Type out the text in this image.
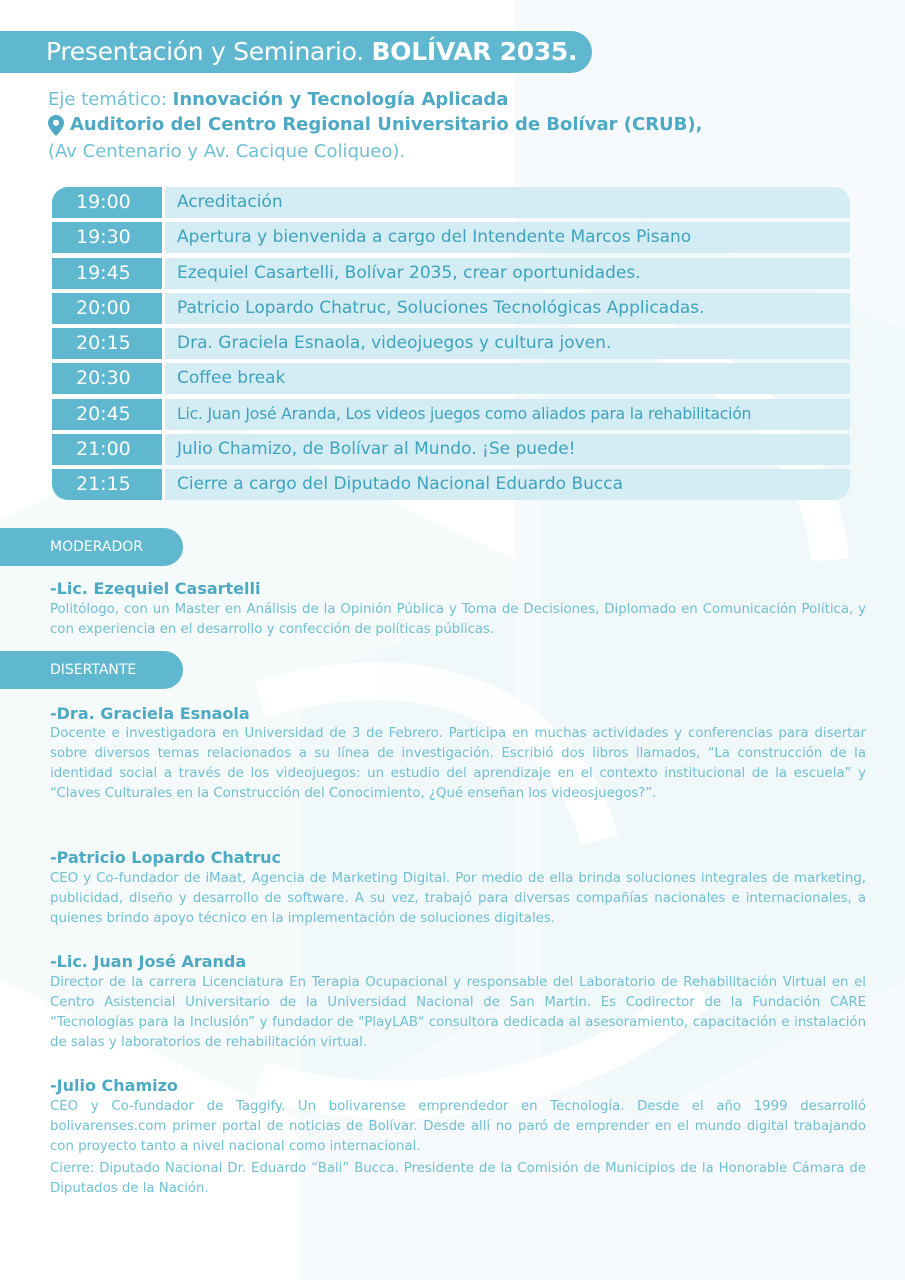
Presentación y Seminario. BOLÍVAR 2035.
Eje temático: Innovación y Tecnología Aplicada
Auditorio del Centro Regional Universitario de Bolívar (CRUB),
(Av Centenario y Av. Cacique Coliqueo).
19:00	Acreditación
19:30	Apertura y bienvenida a cargo del Intendente Marcos Pisano
19:45	Ezequiel Casartelli, Bolívar 2035, crear oportunidades.
20:00	Patricio Lopardo Chatruc, Soluciones Tecnológicas Applicadas.
20:15	Dra. Graciela Esnaola, videojuegos y cultura joven.
20:30	Coffee break
20:45	Lic. Juan José Aranda, Los videos juegos como aliados para la rehabilitación
21:00	Julio Chamizo, de Bolívar al Mundo. ¡Se puede!
21:15	Cierre a cargo del Diputado Nacional Eduardo Bucca
MODERADOR
-Lic. Ezequiel Casartelli
Politólogo, con un Master en Análisis de la Opinión Pública y Toma de Decisiones, Diplomado en Comunicación Política, y con experiencia en el desarrollo y confección de políticas públicas.
DISERTANTE
-Dra. Graciela Esnaola
Docente e investigadora en Universidad de 3 de Febrero. Participa en muchas actividades y conferencias para disertar sobre diversos temas relacionados a su línea de investigación. Escribió dos libros llamados, “La construcción de la identidad social a través de los videojuegos: un estudio del aprendizaje en el contexto institucional de la escuela” y “Claves Culturales en la Construcción del Conocimiento, ¿Qué enseñan los videosjuegos?”.
-Patricio Lopardo Chatruc
CEO y Co-fundador de iMaat, Agencia de Marketing Digital. Por medio de ella brinda soluciones integrales de marketing, publicidad, diseño y desarrollo de software. A su vez, trabajó para diversas compañías nacionales e internacionales, a quienes brindo apoyo técnico en la implementación de soluciones digitales.
-Lic. Juan José Aranda
Director de la carrera Licenciatura En Terapia Ocupacional y responsable del Laboratorio de Rehabilitación Virtual en el Centro Asistencial Universitario de la Universidad Nacional de San Martin. Es Codirector de la Fundación CARE “Tecnologías para la Inclusión” y fundador de "PlayLAB" consultora dedicada al asesoramiento, capacitación e instalación de salas y laboratorios de rehabilitación virtual.
-Julio Chamizo
CEO y Co-fundador de Taggify. Un bolivarense emprendedor en Tecnología. Desde el año 1999 desarrolló bolivarenses.com primer portal de noticias de Bolívar. Desde allí no paró de emprender en el mundo digital trabajando con proyecto tanto a nivel nacional como internacional.
Cierre: Diputado Nacional Dr. Eduardo “Bali” Bucca. Presidente de la Comisión de Municipios de la Honorable Cámara de Diputados de la Nación.
